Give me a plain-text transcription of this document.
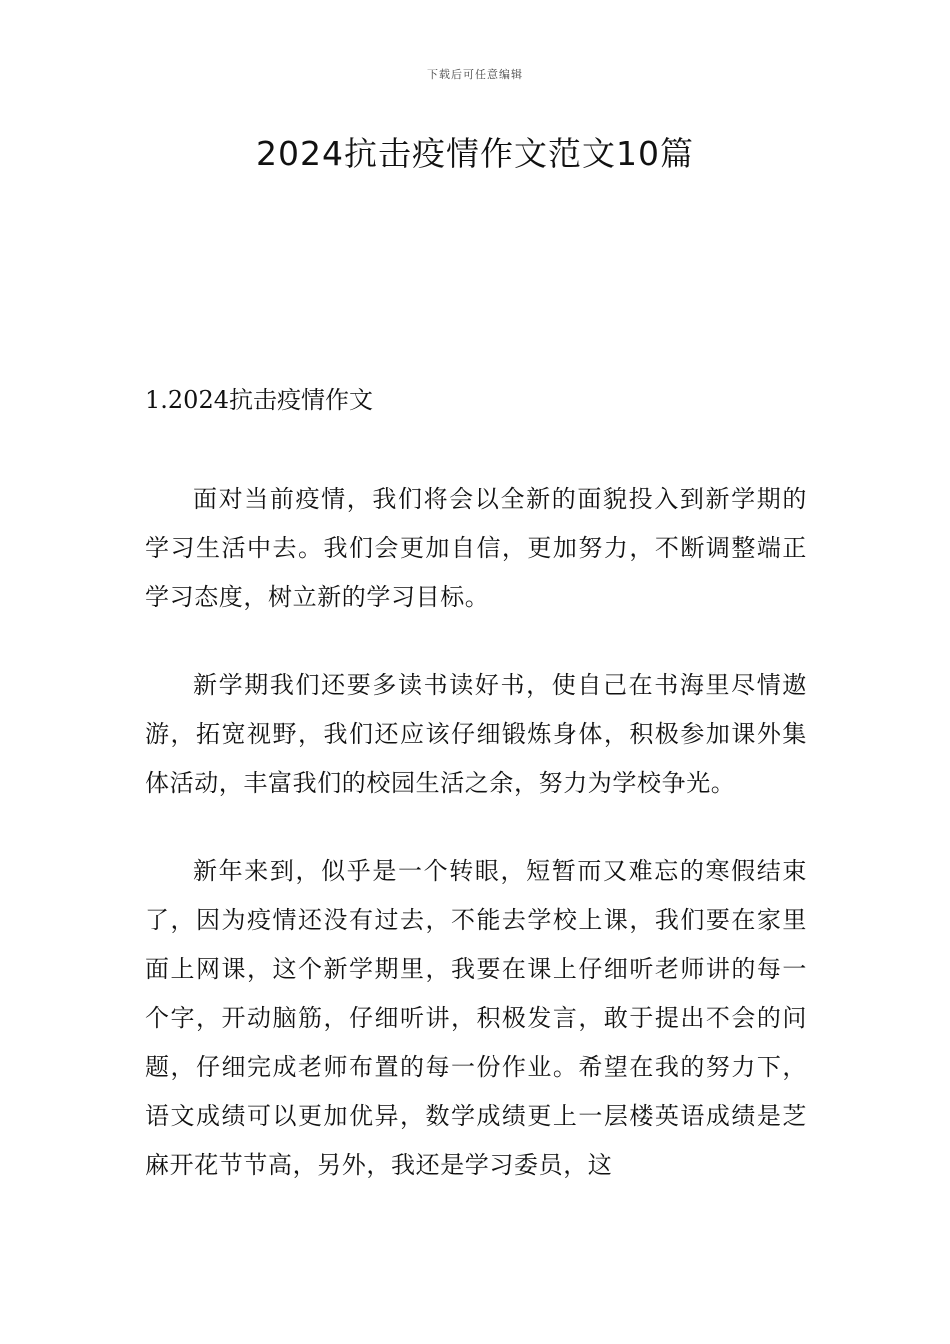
下载后可任意编辑
2024抗击疫情作文范文10篇
1.2024抗击疫情作文

面对当前疫情，我们将会以全新的面貌投入到新学期的学习生活中去。我们会更加自信，更加努力，不断调整端正学习态度，树立新的学习目标。

新学期我们还要多读书读好书，使自己在书海里尽情遨游，拓宽视野，我们还应该仔细锻炼身体，积极参加课外集体活动，丰富我们的校园生活之余，努力为学校争光。

新年来到，似乎是一个转眼，短暂而又难忘的寒假结束了，因为疫情还没有过去，不能去学校上课，我们要在家里面上网课，这个新学期里，我要在课上仔细听老师讲的每一个字，开动脑筋，仔细听讲，积极发言，敢于提出不会的问题，仔细完成老师布置的每一份作业。希望在我的努力下，语文成绩可以更加优异，数学成绩更上一层楼英语成绩是芝麻开花节节高，另外，我还是学习委员，这
